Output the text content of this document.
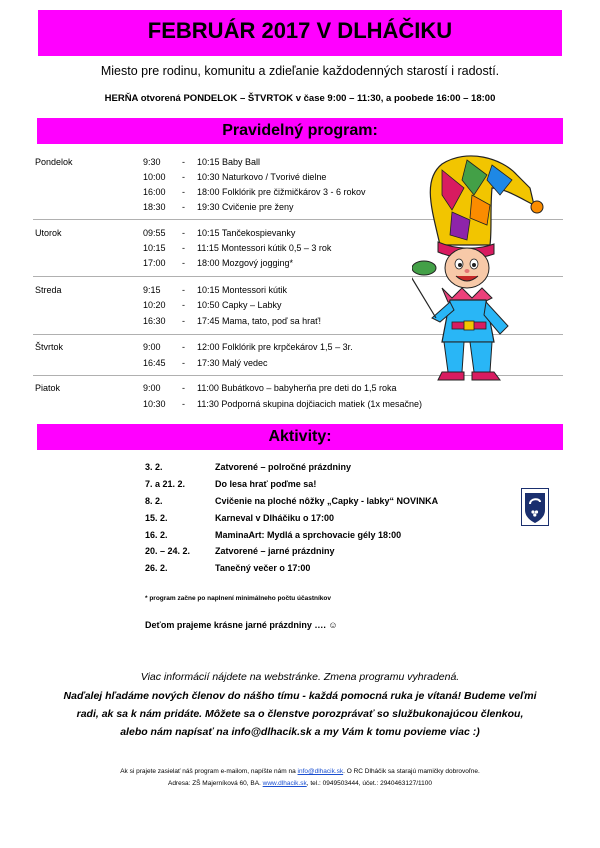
FEBRUÁR 2017 V DLHÁČIKU
Miesto pre rodinu, komunitu a zdieľanie každodenných starostí i radostí.
HERŇA otvorená PONDELOK – ŠTVRTOK v čase 9:00 – 11:30, a poobede 16:00 – 18:00
Pravidelný program:
Pondelok	9:30 - 10:15 Baby Ball
10:00 - 10:30 Naturkovo / Tvorivé dielne
16:00 - 18:00 Folklórik pre čižmičkárov 3 - 6 rokov
18:30 - 19:30 Cvičenie pre ženy
Utorok	09:55 - 10:15 Tančekospievanky
10:15 - 11:15 Montessori kútik 0,5 – 3 rok
17:00 - 18:00 Mozgový jogging*
Streda	9:15 - 10:15 Montessori kútik
10:20 - 10:50 Capky – Labky
16:30 - 17:45 Mama, tato, poď sa hrať!
Štvrtok	9:00 - 12:00 Folklórik pre krpčekárov 1,5 – 3r.
16:45 - 17:30 Malý vedec
Piatok	9:00 - 11:00 Bubátkovo – babyherňa pre deti do 1,5 roka
10:30 - 11:30 Podporná skupina dojčiacich matiek (1x mesačne)
Aktivity:
3. 2.	Zatvorené – polročné prázdniny
7. a 21. 2.	Do lesa hrať poďme sa!
8. 2.	Cvičenie na ploché nôžky „Capky - labky“ NOVINKA
15. 2.	Karneval v Dlháčiku o 17:00
16. 2.	MaminaArt: Mydlá a sprchovacie gély 18:00
20. – 24. 2.	Zatvorené – jarné prázdniny
26. 2.	Tanečný večer o 17:00
* program začne po naplnení minimálneho počtu účastníkov
Deťom prajeme krásne jarné prázdniny …. ☺
Viac informácií nájdete na webstránke. Zmena programu vyhradená.
Naďalej hľadáme nových členov do nášho tímu - každá pomocná ruka je vítaná! Budeme veľmi
radi, ak sa k nám pridáte. Môžete sa o členstve porozprávať so službukonajúcou členkou,
alebo nám napísať na info@dlhacik.sk a my Vám k tomu povieme viac :)
Ak si prajete zasielať náš program e-mailom, napíšte nám na info@dlhacik.sk. O RC Dlháčik sa starajú mamičky dobrovoľne.
Adresa: ZŠ Majerníková 60, BA. www.dlhacik.sk, tel.: 0949503444, účet.: 2940463127/1100
